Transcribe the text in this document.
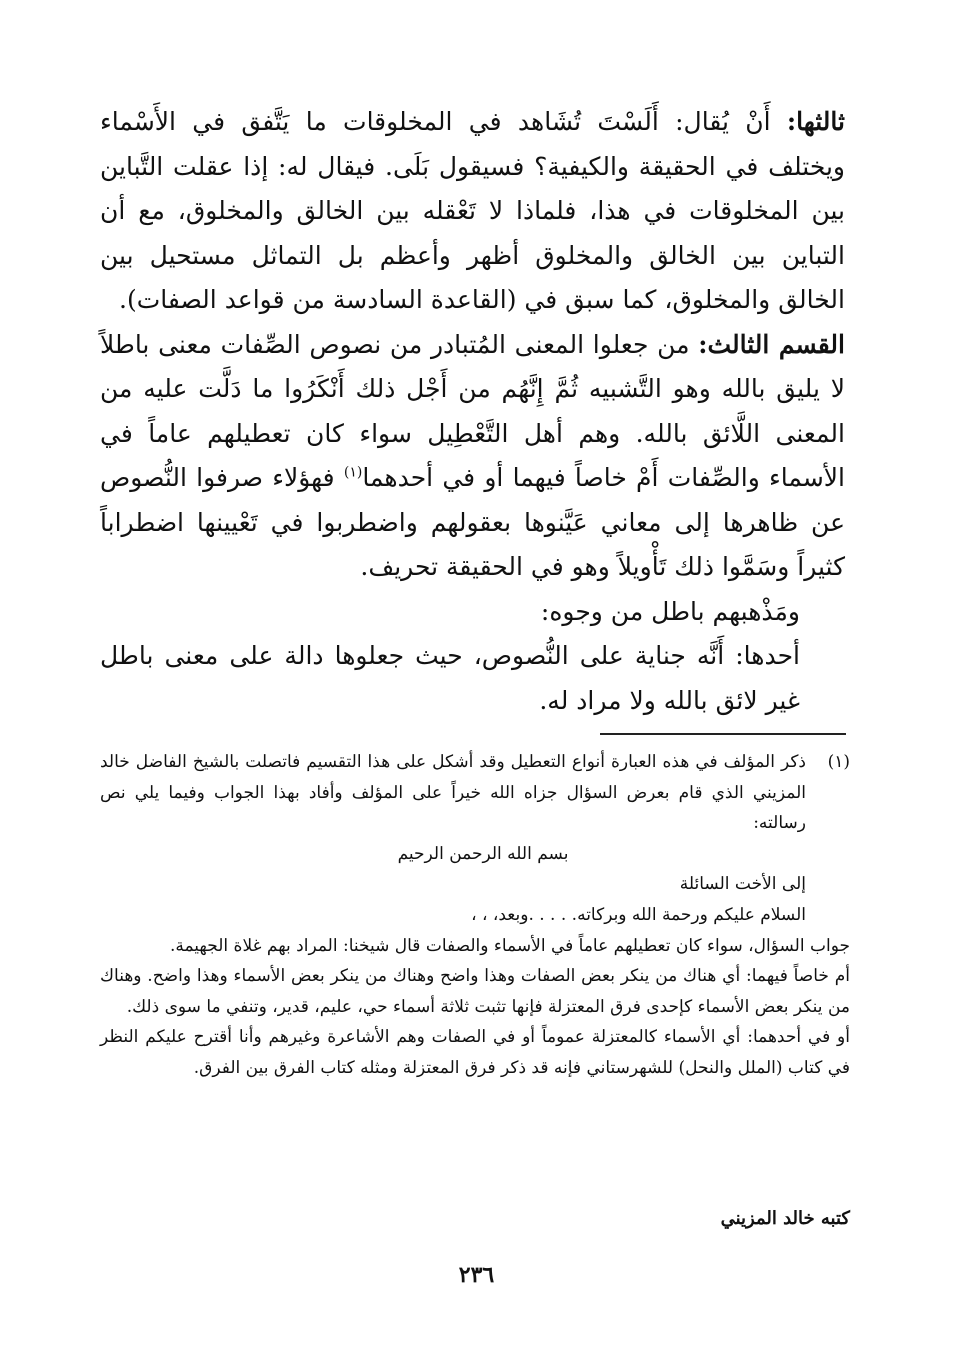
ثالثها: أَنْ يُقال: أَلَسْتَ تُشَاهد في المخلوقات ما يَتَّفق في الأَسْماء ويختلف في الحقيقة والكيفية؟ فسيقول بَلَى. فيقال له: إذا عقلت التَّباين بين المخلوقات في هذا، فلماذا لا تَعْقله بين الخالق والمخلوق، مع أن التباين بين الخالق والمخلوق أظهر وأعظم بل التماثل مستحيل بين الخالق والمخلوق، كما سبق في (القاعدة السادسة من قواعد الصفات).

القسم الثالث: من جعلوا المعنى المُتبادر من نصوص الصِّفات معنى باطلاً لا يليق بالله وهو التَّشبيه ثُمَّ إِنَّهُم من أَجْل ذلك أَنْكَرُوا ما دَلَّت عليه من المعنى اللَّائق بالله. وهم أهل التَّعْطِيل سواء كان تعطيلهم عاماً في الأسماء والصِّفات أَمْ خاصاً فيهما أو في أحدهما$^{(١)}$ فهؤلاء صرفوا النُّصوص عن ظاهرها إلى معاني عَيَّنوها بعقولهم واضطربوا في تَعْيينها اضطراباً كثيراً وسَمَّوا ذلك تَأْويلاً وهو في الحقيقة تحريف.

ومَذْهبهم باطل من وجوه:

أحدها: أَنَّه جناية على النُّصوص، حيث جعلوها دالة على معنى باطل غير لائق بالله ولا مراد له.

(١)

ذكر المؤلف في هذه العبارة أنواع التعطيل وقد أشكل على هذا التقسيم فاتصلت بالشيخ الفاضل خالد المزيني الذي قام بعرض السؤال جزاه الله خيراً على المؤلف وأفاد بهذا الجواب وفيما يلي نص رسالته:

بسم الله الرحمن الرحيم

إلى الأخت السائلة

السلام عليكم ورحمة الله وبركاته. . . . .وبعد، ، ،

جواب السؤال، سواء كان تعطيلهم عاماً في الأسماء والصفات قال شيخنا: المراد بهم غلاة الجهيمة.

أم خاصاً فيهما: أي هناك من ينكر بعض الصفات وهذا واضح وهناك من ينكر بعض الأسماء وهذا واضح. وهناك من ينكر بعض الأسماء كإحدى فرق المعتزلة فإنها تثبت ثلاثة أسماء حي، عليم، قدير، وتنفي ما سوى ذلك.

أو في أحدهما: أي الأسماء كالمعتزلة عموماً أو في الصفات وهم الأشاعرة وغيرهم وأنا أقترح عليكم النظر في كتاب (الملل والنحل) للشهرستاني فإنه قد ذكر فرق المعتزلة ومثله كتاب الفرق بين الفرق.

كتبه خالد المزيني
٢٣٦
